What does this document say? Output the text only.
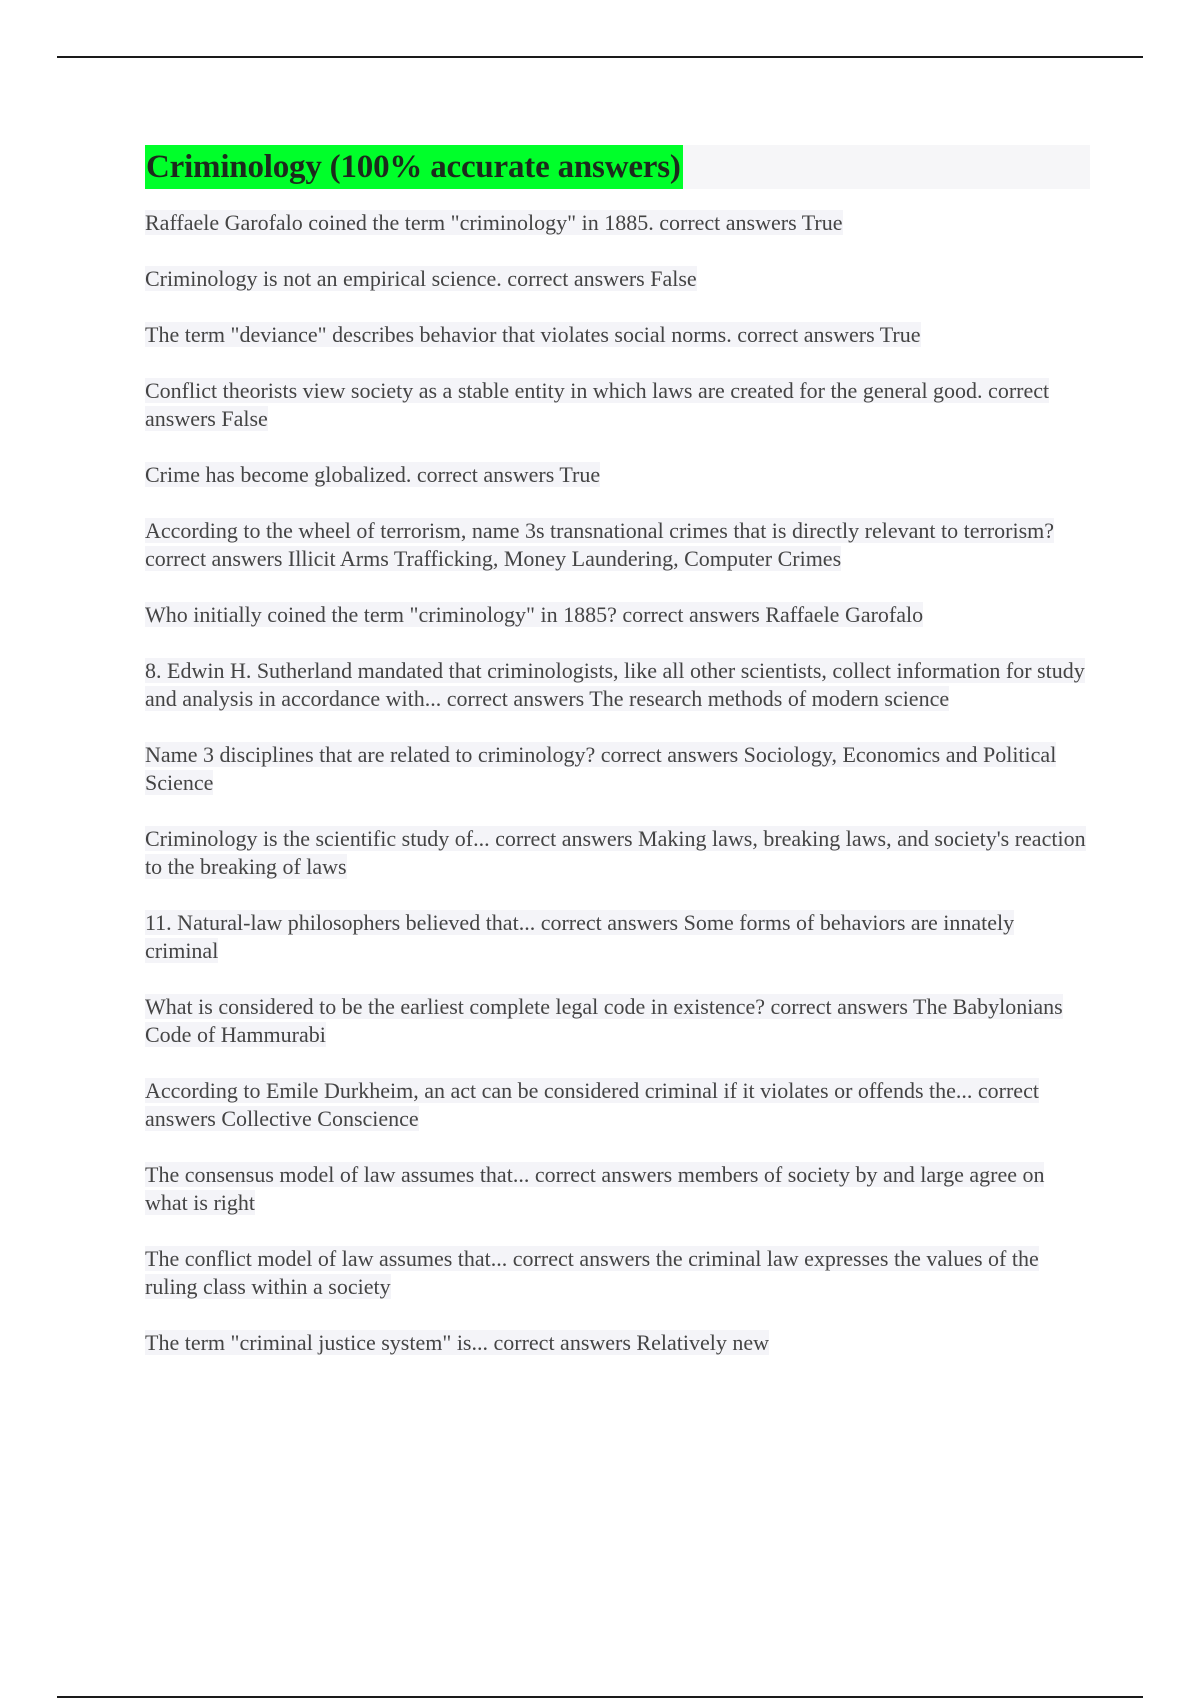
Criminology (100% accurate answers)
Raffaele Garofalo coined the term "criminology" in 1885. correct answers True
Criminology is not an empirical science. correct answers False
The term "deviance" describes behavior that violates social norms. correct answers True
Conflict theorists view society as a stable entity in which laws are created for the general good. correct answers False
Crime has become globalized. correct answers True
According to the wheel of terrorism, name 3s transnational crimes that is directly relevant to terrorism? correct answers Illicit Arms Trafficking, Money Laundering, Computer Crimes
Who initially coined the term "criminology" in 1885? correct answers Raffaele Garofalo
8. Edwin H. Sutherland mandated that criminologists, like all other scientists, collect information for study and analysis in accordance with... correct answers The research methods of modern science
Name 3 disciplines that are related to criminology? correct answers Sociology, Economics and Political Science
Criminology is the scientific study of... correct answers Making laws, breaking laws, and society's reaction to the breaking of laws
11. Natural-law philosophers believed that... correct answers Some forms of behaviors are innately criminal
What is considered to be the earliest complete legal code in existence? correct answers The Babylonians Code of Hammurabi
According to Emile Durkheim, an act can be considered criminal if it violates or offends the... correct answers Collective Conscience
The consensus model of law assumes that... correct answers members of society by and large agree on what is right
The conflict model of law assumes that... correct answers the criminal law expresses the values of the ruling class within a society
The term "criminal justice system" is... correct answers Relatively new
